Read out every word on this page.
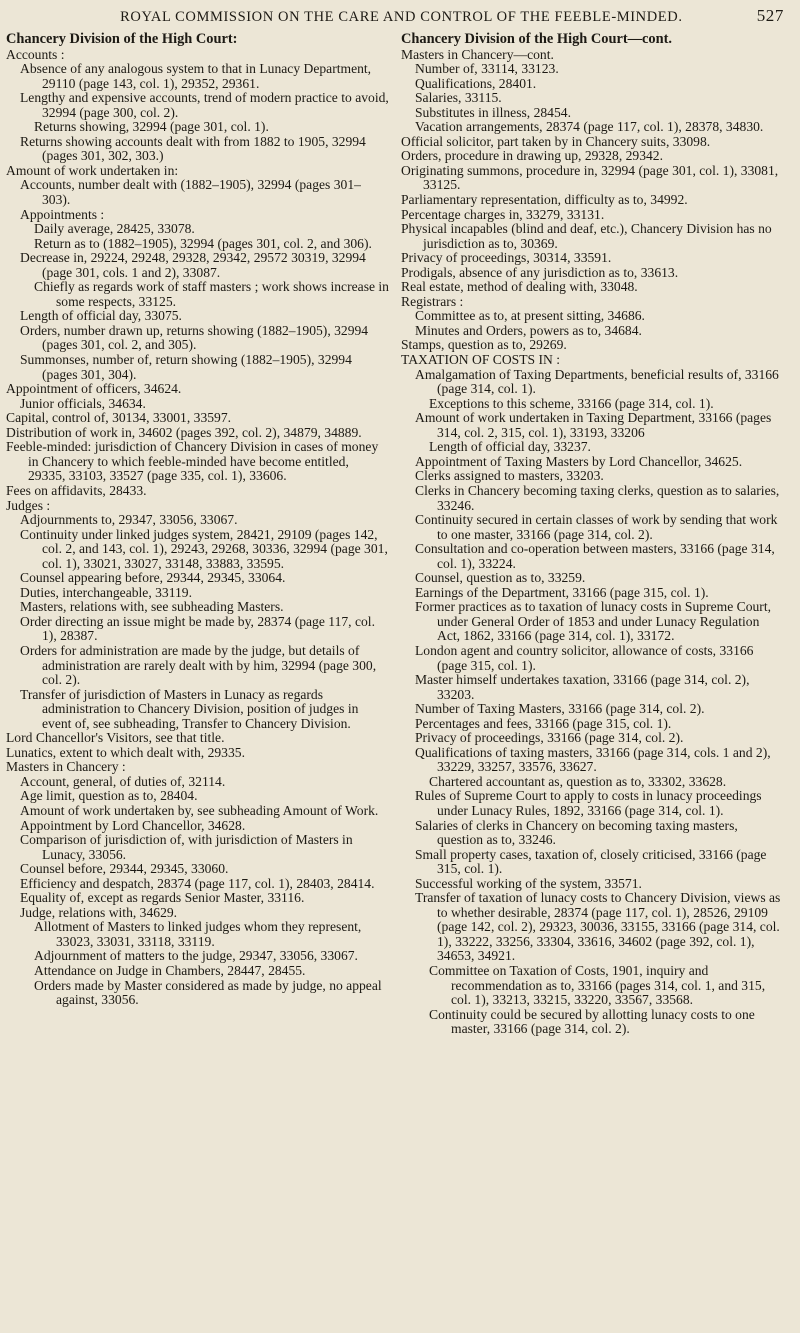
ROYAL COMMISSION ON THE CARE AND CONTROL OF THE FEEBLE-MINDED.	527
Chancery Division of the High Court:
Accounts :
Absence of any analogous system to that in Lunacy Department, 29110 (page 143, col. 1), 29352, 29361.
Lengthy and expensive accounts, trend of modern practice to avoid, 32994 (page 300, col. 2).
Returns showing, 32994 (page 301, col. 1).
Returns showing accounts dealt with from 1882 to 1905, 32994 (pages 301, 302, 303.)
Amount of work undertaken in:
Accounts, number dealt with (1882–1905), 32994 (pages 301–303).
Appointments :
Daily average, 28425, 33078.
Return as to (1882–1905), 32994 (pages 301, col. 2, and 306).
Decrease in, 29224, 29248, 29328, 29342, 29572 30319, 32994 (page 301, cols. 1 and 2), 33087.
Chiefly as regards work of staff masters ; work shows increase in some respects, 33125.
Length of official day, 33075.
Orders, number drawn up, returns showing (1882–1905), 32994 (pages 301, col. 2, and 305).
Summonses, number of, return showing (1882–1905), 32994 (pages 301, 304).
Appointment of officers, 34624.
Junior officials, 34634.
Capital, control of, 30134, 33001, 33597.
Distribution of work in, 34602 (pages 392, col. 2), 34879, 34889.
Feeble-minded: jurisdiction of Chancery Division in cases of money in Chancery to which feeble-minded have become entitled, 29335, 33103, 33527 (page 335, col. 1), 33606.
Fees on affidavits, 28433.
Judges :
Adjournments to, 29347, 33056, 33067.
Continuity under linked judges system, 28421, 29109 (pages 142, col. 2, and 143, col. 1), 29243, 29268, 30336, 32994 (page 301, col. 1), 33021, 33027, 33148, 33883, 33595.
Counsel appearing before, 29344, 29345, 33064.
Duties, interchangeable, 33119.
Masters, relations with, see subheading Masters.
Order directing an issue might be made by, 28374 (page 117, col. 1), 28387.
Orders for administration are made by the judge, but details of administration are rarely dealt with by him, 32994 (page 300, col. 2).
Transfer of jurisdiction of Masters in Lunacy as regards administration to Chancery Division, position of judges in event of, see subheading, Transfer to Chancery Division.
Lord Chancellor's Visitors, see that title.
Lunatics, extent to which dealt with, 29335.
Masters in Chancery :
Account, general, of duties of, 32114.
Age limit, question as to, 28404.
Amount of work undertaken by, see subheading Amount of Work.
Appointment by Lord Chancellor, 34628.
Comparison of jurisdiction of, with jurisdiction of Masters in Lunacy, 33056.
Counsel before, 29344, 29345, 33060.
Efficiency and despatch, 28374 (page 117, col. 1), 28403, 28414.
Equality of, except as regards Senior Master, 33116.
Judge, relations with, 34629.
Allotment of Masters to linked judges whom they represent, 33023, 33031, 33118, 33119.
Adjournment of matters to the judge, 29347, 33056, 33067.
Attendance on Judge in Chambers, 28447, 28455.
Orders made by Master considered as made by judge, no appeal against, 33056.
Chancery Division of the High Court—cont.
Masters in Chancery—cont.
Number of, 33114, 33123.
Qualifications, 28401.
Salaries, 33115.
Substitutes in illness, 28454.
Vacation arrangements, 28374 (page 117, col. 1), 28378, 34830.
Official solicitor, part taken by in Chancery suits, 33098.
Orders, procedure in drawing up, 29328, 29342.
Originating summons, procedure in, 32994 (page 301, col. 1), 33081, 33125.
Parliamentary representation, difficulty as to, 34992.
Percentage charges in, 33279, 33131.
Physical incapables (blind and deaf, etc.), Chancery Division has no jurisdiction as to, 30369.
Privacy of proceedings, 30314, 33591.
Prodigals, absence of any jurisdiction as to, 33613.
Real estate, method of dealing with, 33048.
Registrars :
Committee as to, at present sitting, 34686.
Minutes and Orders, powers as to, 34684.
Stamps, question as to, 29269.
TAXATION OF COSTS IN :
Amalgamation of Taxing Departments, beneficial results of, 33166 (page 314, col. 1).
Exceptions to this scheme, 33166 (page 314, col. 1).
Amount of work undertaken in Taxing Department, 33166 (pages 314, col. 2, 315, col. 1), 33193, 33206
Length of official day, 33237.
Appointment of Taxing Masters by Lord Chancellor, 34625.
Clerks assigned to masters, 33203.
Clerks in Chancery becoming taxing clerks, question as to salaries, 33246.
Continuity secured in certain classes of work by sending that work to one master, 33166 (page 314, col. 2).
Consultation and co-operation between masters, 33166 (page 314, col. 1), 33224.
Counsel, question as to, 33259.
Earnings of the Department, 33166 (page 315, col. 1).
Former practices as to taxation of lunacy costs in Supreme Court, under General Order of 1853 and under Lunacy Regulation Act, 1862, 33166 (page 314, col. 1), 33172.
London agent and country solicitor, allowance of costs, 33166 (page 315, col. 1).
Master himself undertakes taxation, 33166 (page 314, col. 2), 33203.
Number of Taxing Masters, 33166 (page 314, col. 2).
Percentages and fees, 33166 (page 315, col. 1).
Privacy of proceedings, 33166 (page 314, col. 2).
Qualifications of taxing masters, 33166 (page 314, cols. 1 and 2), 33229, 33257, 33576, 33627.
Chartered accountant as, question as to, 33302, 33628.
Rules of Supreme Court to apply to costs in lunacy proceedings under Lunacy Rules, 1892, 33166 (page 314, col. 1).
Salaries of clerks in Chancery on becoming taxing masters, question as to, 33246.
Small property cases, taxation of, closely criticised, 33166 (page 315, col. 1).
Successful working of the system, 33571.
Transfer of taxation of lunacy costs to Chancery Division, views as to whether desirable, 28374 (page 117, col. 1), 28526, 29109 (page 142, col. 2), 29323, 30036, 33155, 33166 (page 314, col. 1), 33222, 33256, 33304, 33616, 34602 (page 392, col. 1), 34653, 34921.
Committee on Taxation of Costs, 1901, inquiry and recommendation as to, 33166 (pages 314, col. 1, and 315, col. 1), 33213, 33215, 33220, 33567, 33568.
Continuity could be secured by allotting lunacy costs to one master, 33166 (page 314, col. 2).
